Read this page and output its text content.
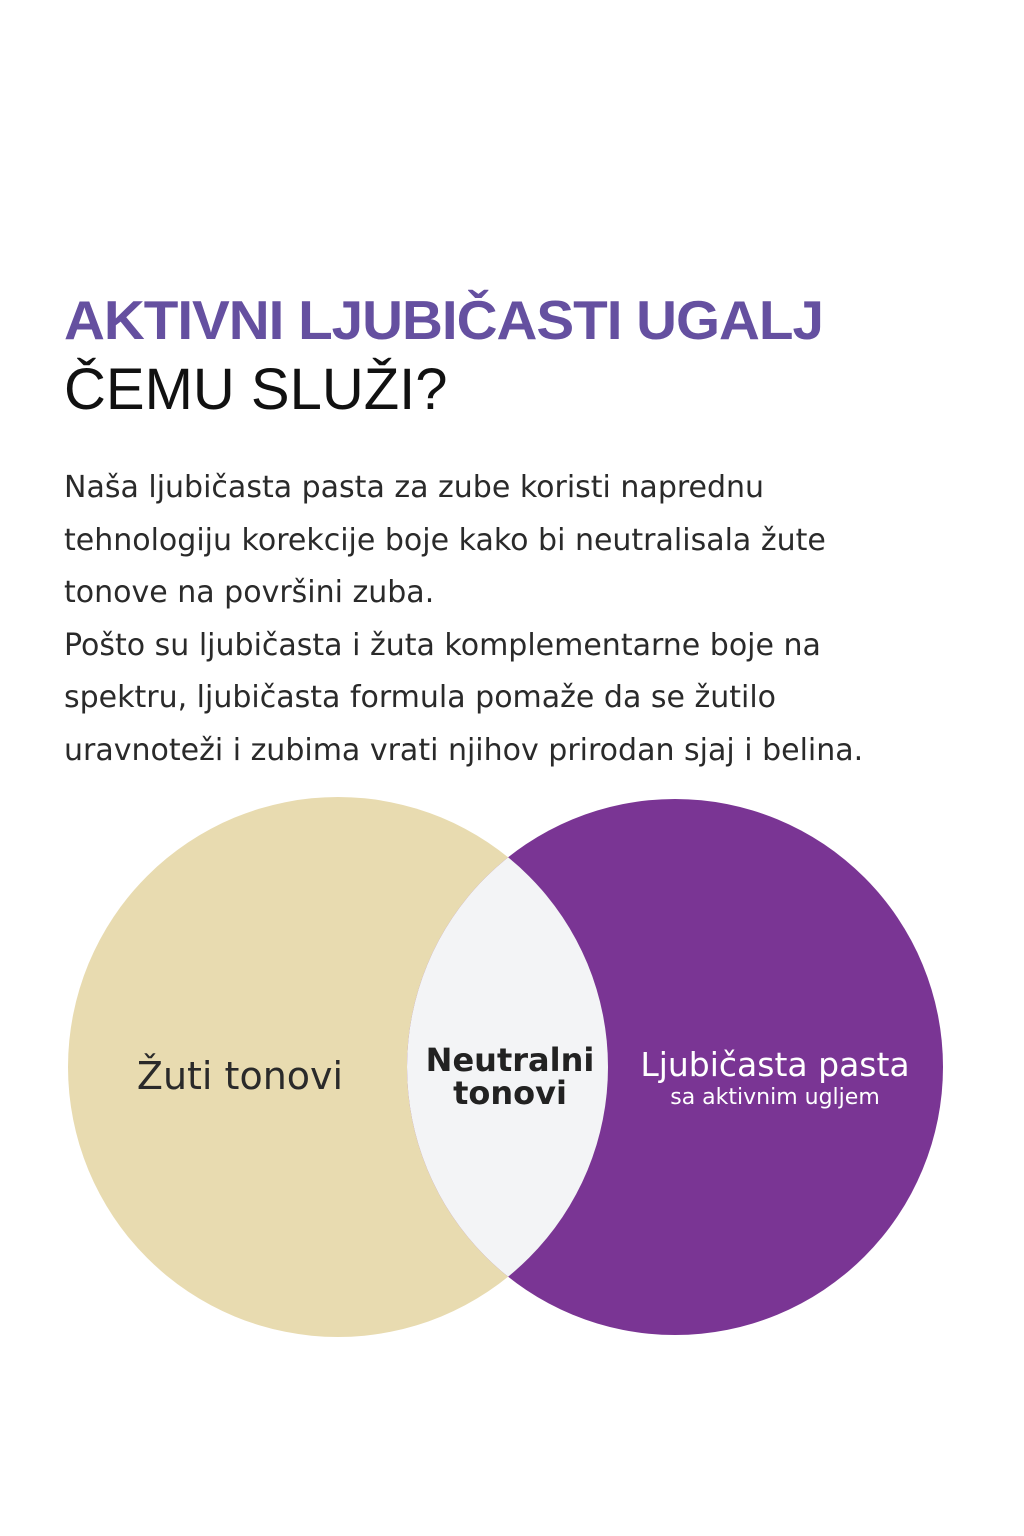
AKTIVNI LJUBIČASTI UGALJ
ČEMU SLUŽI?
Naša ljubičasta pasta za zube koristi naprednu
tehnologiju korekcije boje kako bi neutralisala žute
tonove na površini zuba.
Pošto su ljubičasta i žuta komplementarne boje na
spektru, ljubičasta formula pomaže da se žutilo
uravnoteži i zubima vrati njihov prirodan sjaj i belina.
Žuti tonovi	Neutralni
tonovi
Ljubičasta pasta
sa aktivnim ugljem
